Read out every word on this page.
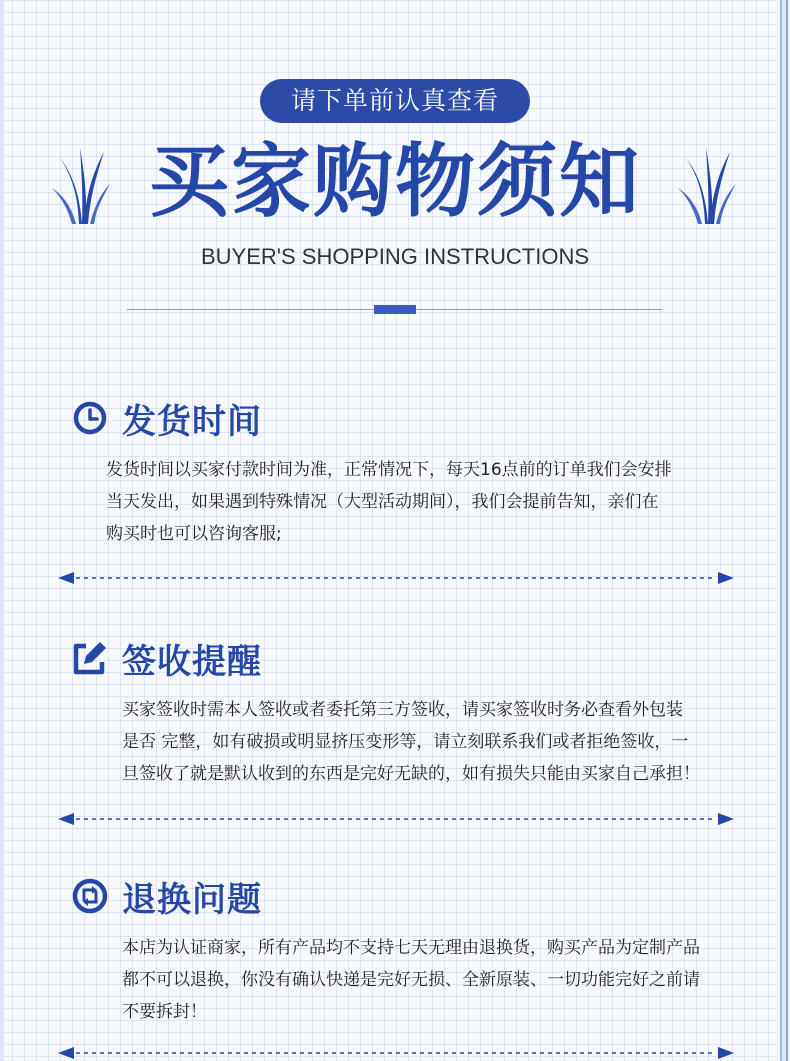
请下单前认真查看
买家购物须知
BUYER'S SHOPPING INSTRUCTIONS
发货时间

发货时间以买家付款时间为准，正常情况下，每天16点前的订单我们会安排

当天发出，如果遇到特殊情况（大型活动期间），我们会提前告知，亲们在

购买时也可以咨询客服;

签收提醒

买家签收时需本人签收或者委托第三方签收，请买家签收时务必查看外包装

是否 完整，如有破损或明显挤压变形等，请立刻联系我们或者拒绝签收，一

旦签收了就是默认收到的东西是完好无缺的，如有损失只能由买家自己承担！

退换问题

本店为认证商家，所有产品均不支持七天无理由退换货，购买产品为定制产品

都不可以退换，你没有确认快递是完好无损、全新原装、一切功能完好之前请

不要拆封！
